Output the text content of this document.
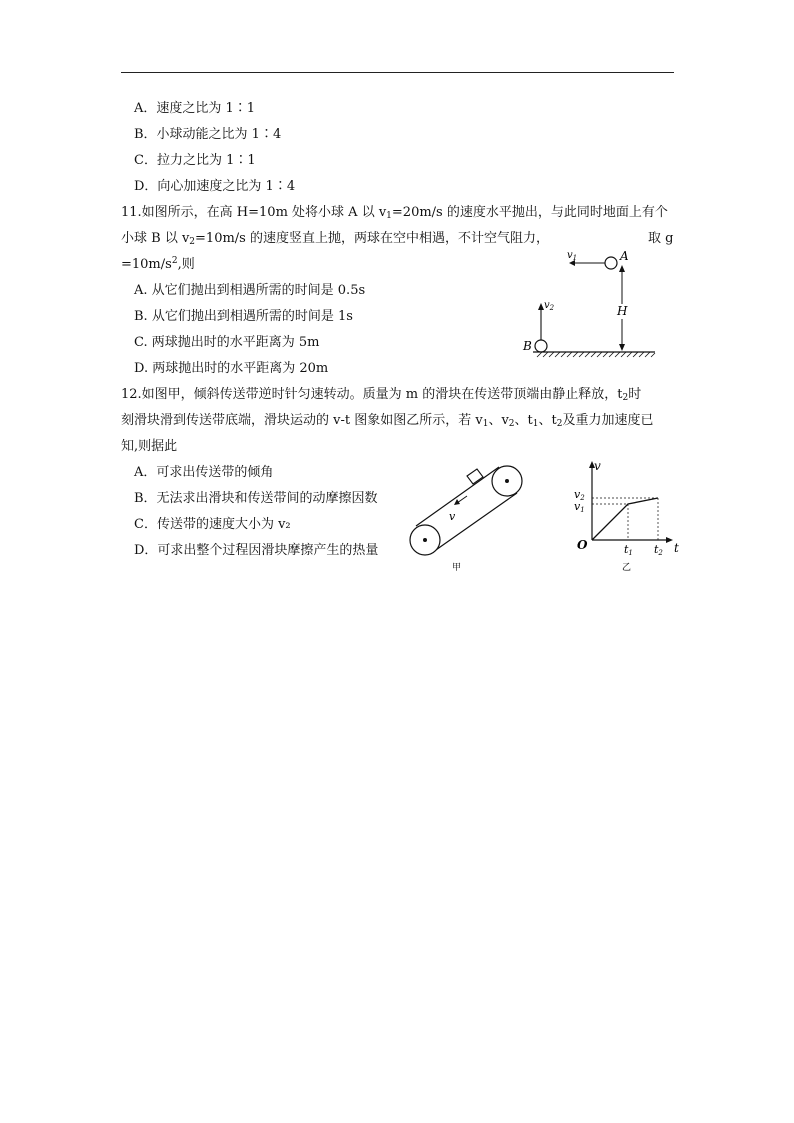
A．速度之比为 1∶1
B．小球动能之比为 1∶4
C．拉力之比为 1∶1
D．向心加速度之比为 1∶4
11.如图所示，在高 H=10m 处将小球 A 以 $v_1=20m/s$ 的速度水平抛出，与此同时地面上有个
小球 B 以 $v_2=10m/s$ 的速度竖直上抛，两球在空中相遇，不计空气阻力，	取 g
$=10m/s^2$,则
A. 从它们抛出到相遇所需的时间是 0.5s
B. 从它们抛出到相遇所需的时间是 1s
C. 两球抛出时的水平距离为 5m
D. 两球抛出时的水平距离为 20m
$v_1$	A
H
B
$v_2$
12.如图甲，倾斜传送带逆时针匀速转动。质量为 m 的滑块在传送带顶端由静止释放，$t_2$时
刻滑块滑到传送带底端，滑块运动的 v-t 图象如图乙所示，若 $v_1$、$v_2$、$t_1$、$t_2$及重力加速度已
知,则据此
A．可求出传送带的倾角
B．无法求出滑块和传送带间的动摩擦因数
C．传送带的速度大小为 v₂
D．可求出整个过程因滑块摩擦产生的热量
v
甲
v
t
O
v2
v1
t1 t2
乙
